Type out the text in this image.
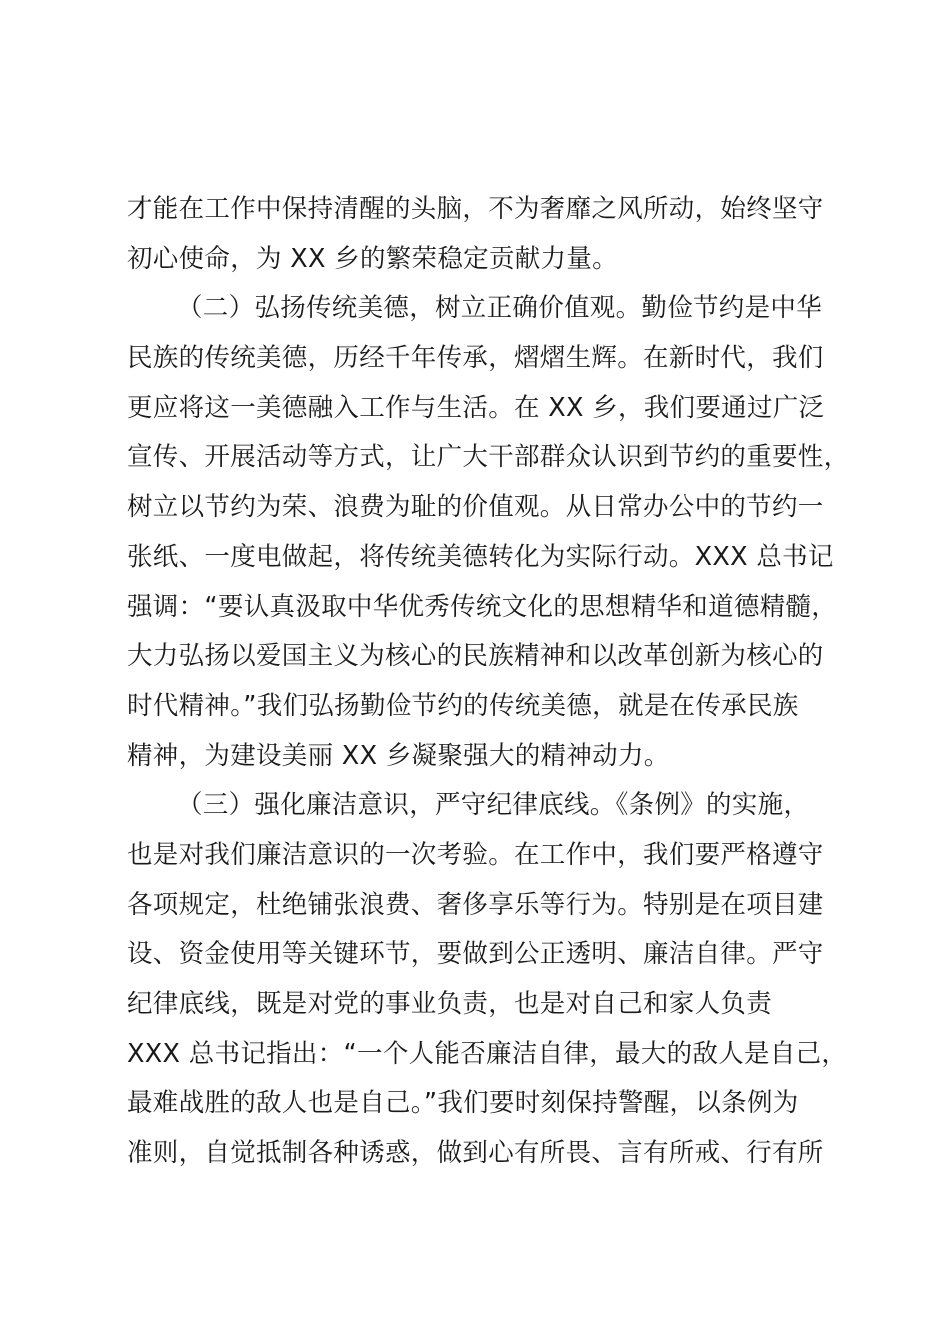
才能在工作中保持清醒的头脑，不为奢靡之风所动，始终坚守
初心使命，为 XX 乡的繁荣稳定贡献力量。
（二）弘扬传统美德，树立正确价值观。勤俭节约是中华
民族的传统美德，历经千年传承，熠熠生辉。在新时代，我们
更应将这一美德融入工作与生活。在 XX 乡，我们要通过广泛
宣传、开展活动等方式，让广大干部群众认识到节约的重要性，
树立以节约为荣、浪费为耻的价值观。从日常办公中的节约一
张纸、一度电做起，将传统美德转化为实际行动。XXX 总书记
强调：“要认真汲取中华优秀传统文化的思想精华和道德精髓，
大力弘扬以爱国主义为核心的民族精神和以改革创新为核心的
时代精神。”我们弘扬勤俭节约的传统美德，就是在传承民族
精神，为建设美丽 XX 乡凝聚强大的精神动力。
（三）强化廉洁意识，严守纪律底线。《条例》的实施，
也是对我们廉洁意识的一次考验。在工作中，我们要严格遵守
各项规定，杜绝铺张浪费、奢侈享乐等行为。特别是在项目建
设、资金使用等关键环节，要做到公正透明、廉洁自律。严守
纪律底线，既是对党的事业负责，也是对自己和家人负责
XXX 总书记指出：“一个人能否廉洁自律，最大的敌人是自己，
最难战胜的敌人也是自己。”我们要时刻保持警醒，以条例为
准则，自觉抵制各种诱惑，做到心有所畏、言有所戒、行有所
